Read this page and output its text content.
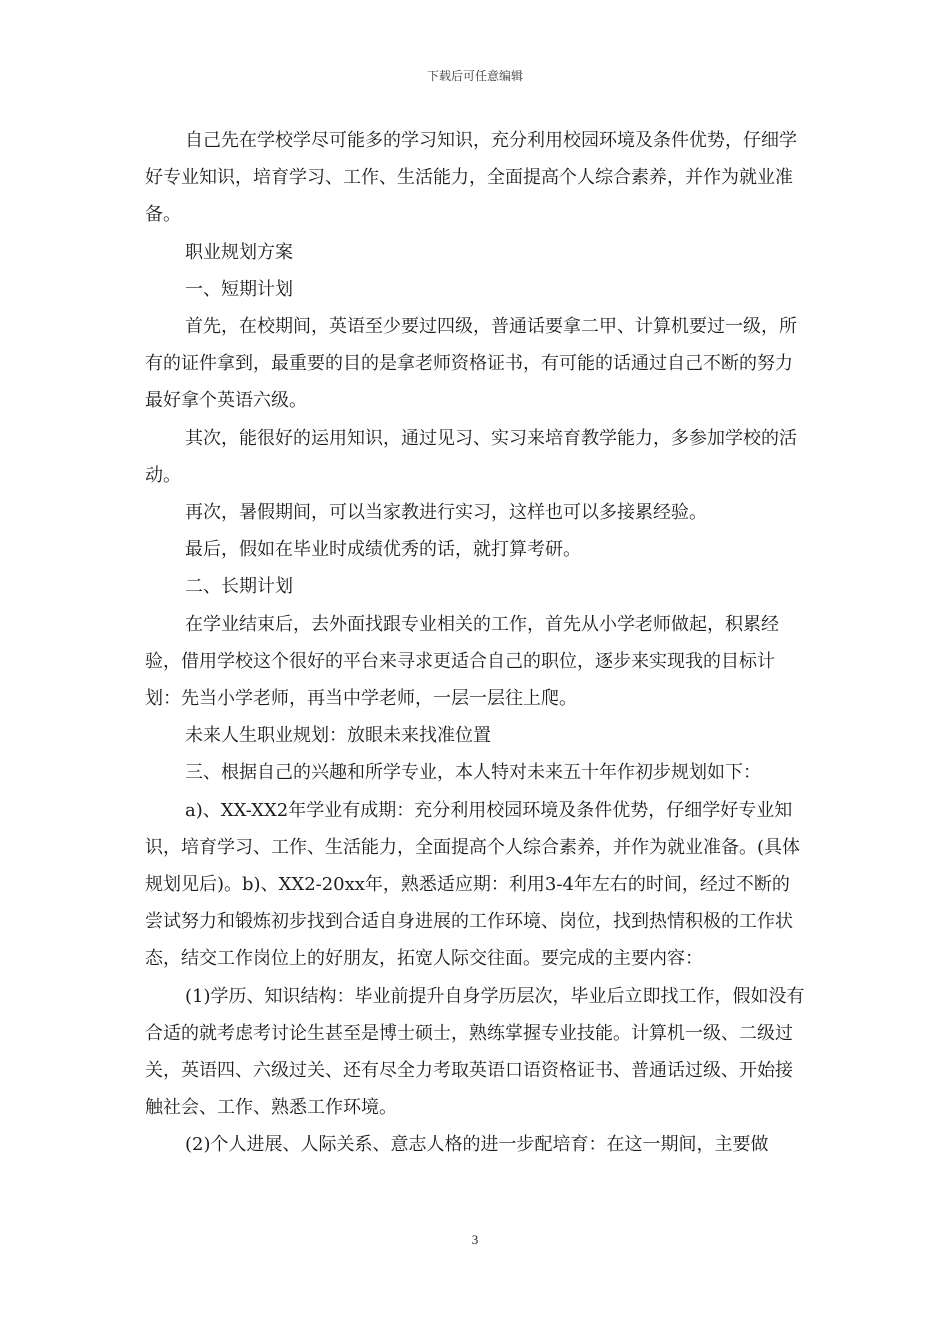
下载后可任意编辑

自己先在学校学尽可能多的学习知识，充分利用校园环境及条件优势，仔细学好专业知识，培育学习、工作、生活能力，全面提高个人综合素养，并作为就业准备。

职业规划方案

一、短期计划

首先，在校期间，英语至少要过四级，普通话要拿二甲、计算机要过一级，所有的证件拿到，最重要的目的是拿老师资格证书，有可能的话通过自己不断的努力最好拿个英语六级。

其次，能很好的运用知识，通过见习、实习来培育教学能力，多参加学校的活动。

再次，暑假期间，可以当家教进行实习，这样也可以多接累经验。

最后，假如在毕业时成绩优秀的话，就打算考研。

二、长期计划

在学业结束后，去外面找跟专业相关的工作，首先从小学老师做起，积累经验，借用学校这个很好的平台来寻求更适合自己的职位，逐步来实现我的目标计划：先当小学老师，再当中学老师，一层一层往上爬。

未来人生职业规划：放眼未来找准位置

三、根据自己的兴趣和所学专业，本人特对未来五十年作初步规划如下：

a)、XX-XX2年学业有成期：充分利用校园环境及条件优势，仔细学好专业知识，培育学习、工作、生活能力，全面提高个人综合素养，并作为就业准备。(具体规划见后)。b)、XX2-20xx年，熟悉适应期：利用3-4年左右的时间，经过不断的尝试努力和锻炼初步找到合适自身进展的工作环境、岗位，找到热情积极的工作状态，结交工作岗位上的好朋友，拓宽人际交往面。要完成的主要内容：

(1)学历、知识结构：毕业前提升自身学历层次，毕业后立即找工作，假如没有合适的就考虑考讨论生甚至是博士硕士，熟练掌握专业技能。计算机一级、二级过关，英语四、六级过关、还有尽全力考取英语口语资格证书、普通话过级、开始接触社会、工作、熟悉工作环境。

(2)个人进展、人际关系、意志人格的进一步配培育：在这一期间，主要做

3
